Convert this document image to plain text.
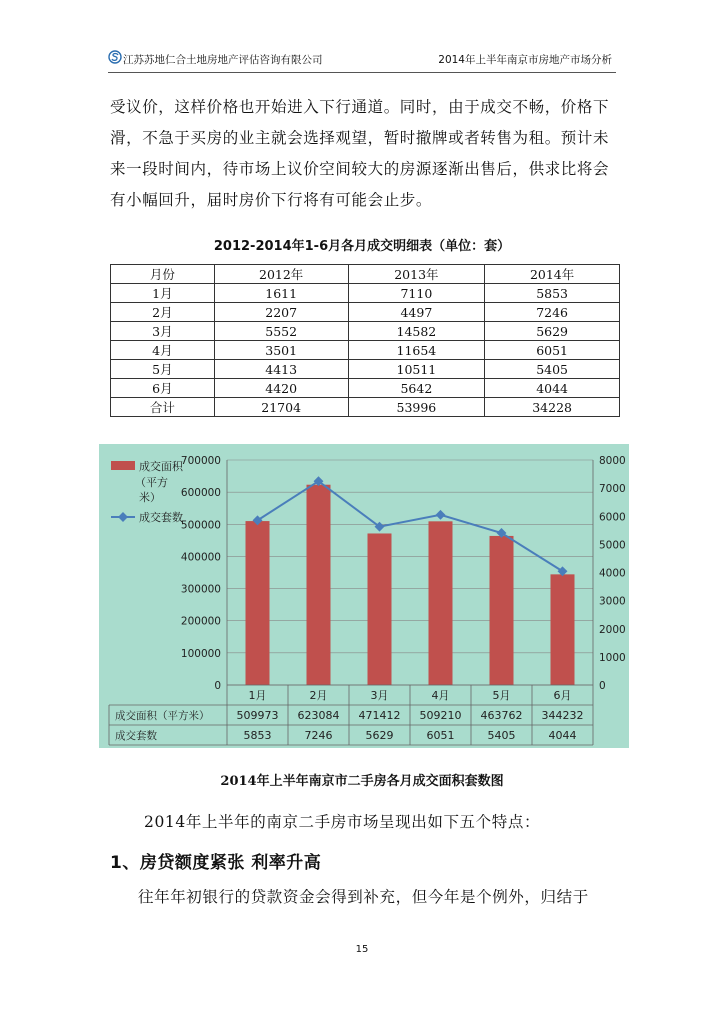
江苏苏地仁合土地房地产评估咨询有限公司	2014年上半年南京市房地产市场分析

受议价，这样价格也开始进入下行通道。同时，由于成交不畅，价格下滑，不急于买房的业主就会选择观望，暂时撤牌或者转售为租。预计未来一段时间内，待市场上议价空间较大的房源逐渐出售后，供求比将会有小幅回升，届时房价下行将有可能会止步。

2012-2014年1-6月各月成交明细表（单位：套）
月份	2012年	2013年	2014年
1月	1611	7110	5853
2月	2207	4497	7246
3月	5552	14582	5629
4月	3501	11654	6051
5月	4413	10511	5405
6月	4420	5642	4044
合计	21704	53996	34228
0
100000
200000
300000
400000
500000
600000
700000
0
1000
2000
3000
4000
5000
6000
7000
8000
1月	2月	3月	4月	5月	6月
成交面积（平方米） 509973 623084 471412 509210 463762 344232
成交套数	5853	7246	5629	6051	5405	4044
成交面积
（平方
米）
成交套数
2014年上半年南京市二手房各月成交面积套数图

2014年上半年的南京二手房市场呈现出如下五个特点：

1、房贷额度紧张 利率升高

往年年初银行的贷款资金会得到补充，但今年是个例外，归结于

15
